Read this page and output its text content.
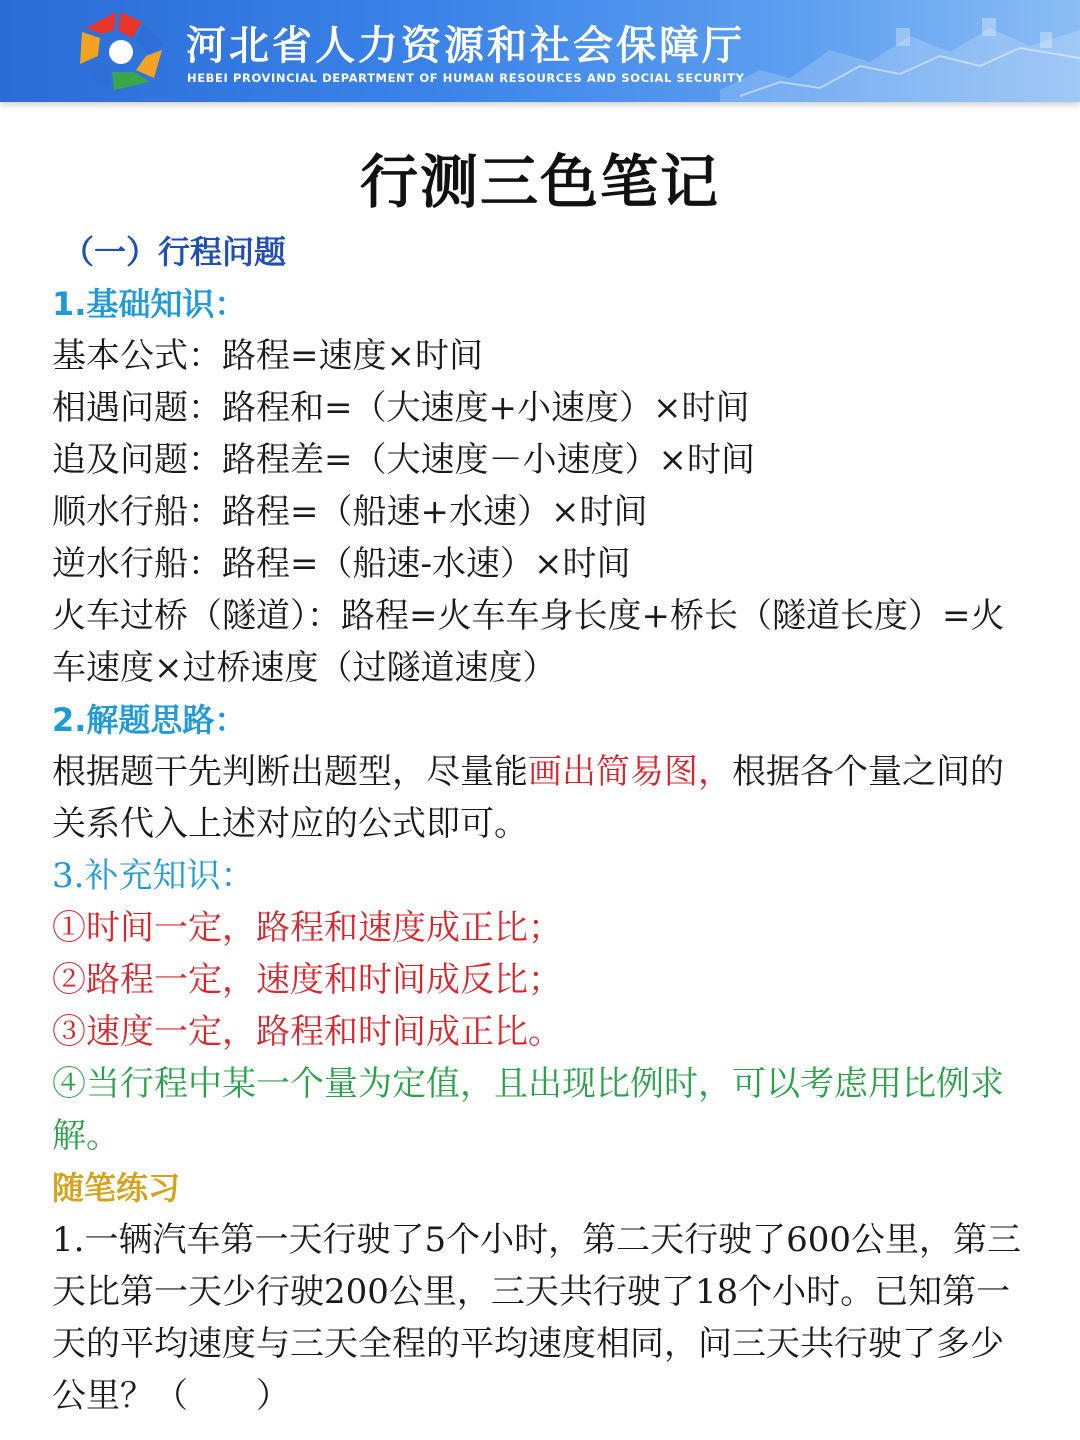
河北省人力资源和社会保障厅
HEBEI PROVINCIAL DEPARTMENT OF HUMAN RESOURCES AND SOCIAL SECURITY
行测三色笔记
（一）行程问题
1.基础知识：
基本公式：路程=速度×时间
相遇问题：路程和=（大速度+小速度）×时间
追及问题：路程差=（大速度－小速度）×时间
顺水行船：路程=（船速+水速）×时间
逆水行船：路程=（船速-水速）×时间
火车过桥（隧道）：路程=火车车身长度+桥长（隧道长度）=火车速度×过桥速度（过隧道速度）
2.解题思路：
根据题干先判断出题型，尽量能画出简易图，根据各个量之间的关系代入上述对应的公式即可。
3.补充知识：
①时间一定，路程和速度成正比；
②路程一定，速度和时间成反比；
③速度一定，路程和时间成正比。
④当行程中某一个量为定值，且出现比例时，可以考虑用比例求解。
随笔练习
1.一辆汽车第一天行驶了5个小时，第二天行驶了600公里，第三天比第一天少行驶200公里，三天共行驶了18个小时。已知第一天的平均速度与三天全程的平均速度相同，问三天共行驶了多少公里？（　　）
